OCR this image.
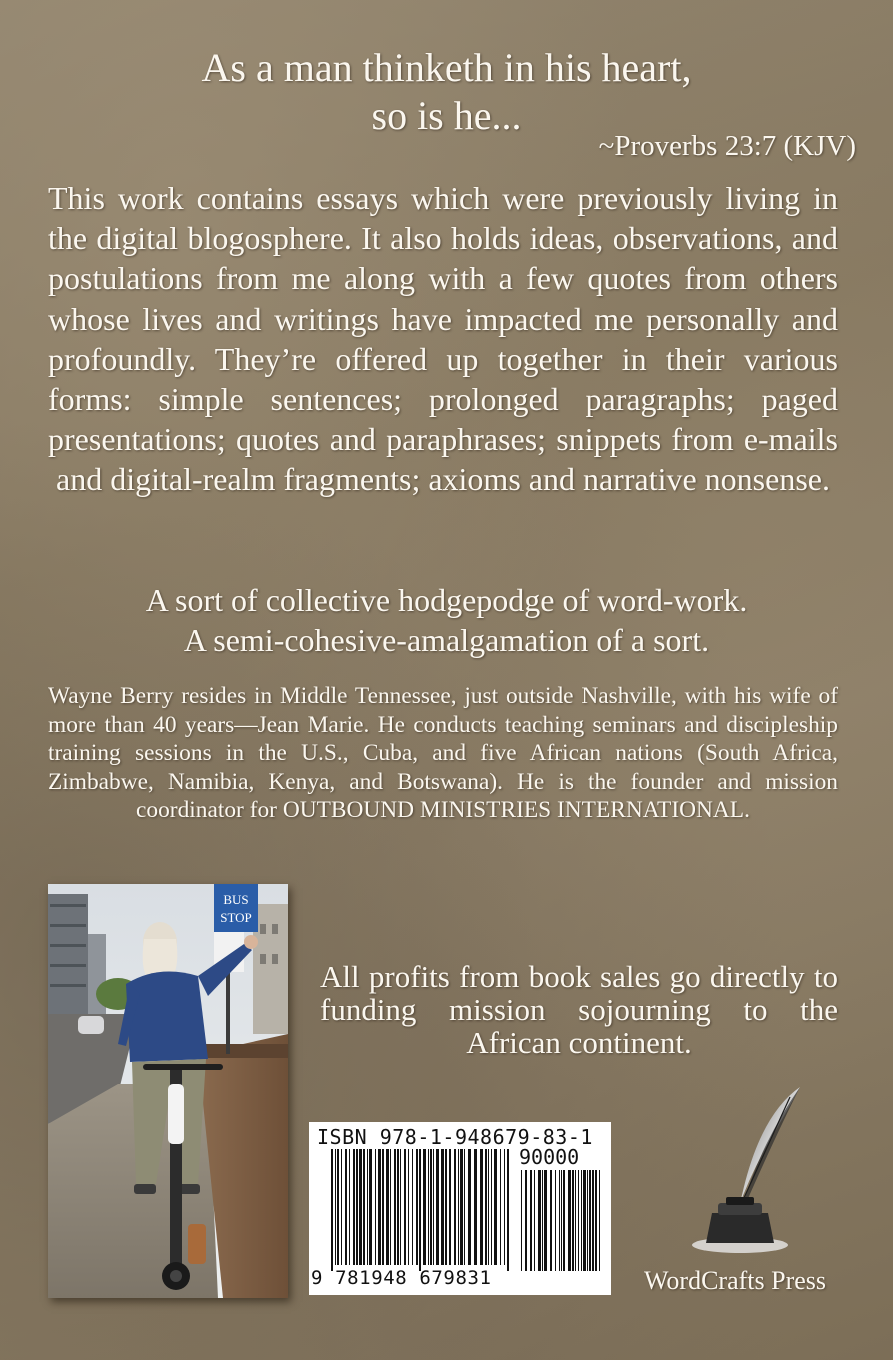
As a man thinketh in his heart,
so is he...
~Proverbs 23:7 (KJV)
This work contains essays which were previously living in the digital blogosphere. It also holds ideas, observations, and postulations from me along with a few quotes from others whose lives and writings have impacted me personally and profoundly. They’re offered up together in their various forms: simple sentences; prolonged paragraphs; paged presentations; quotes and paraphrases; snippets from e-mails and digital-realm fragments; axioms and narrative nonsense.
A sort of collective hodgepodge of word-work.
A semi-cohesive-amalgamation of a sort.
Wayne Berry resides in Middle Tennessee, just outside Nashville, with his wife of more than 40 years—Jean Marie. He conducts teaching seminars and discipleship training sessions in the U.S., Cuba, and five African nations (South Africa, Zimbabwe, Namibia, Kenya, and Botswana). He is the founder and mission coordinator for OUTBOUND MINISTRIES INTERNATIONAL.
BUS
STOP
All profits from book sales go directly to funding mission sojourning to the African continent.
ISBN 978-1-948679-83-1
90000
9 781948 679831	WordCrafts Press
